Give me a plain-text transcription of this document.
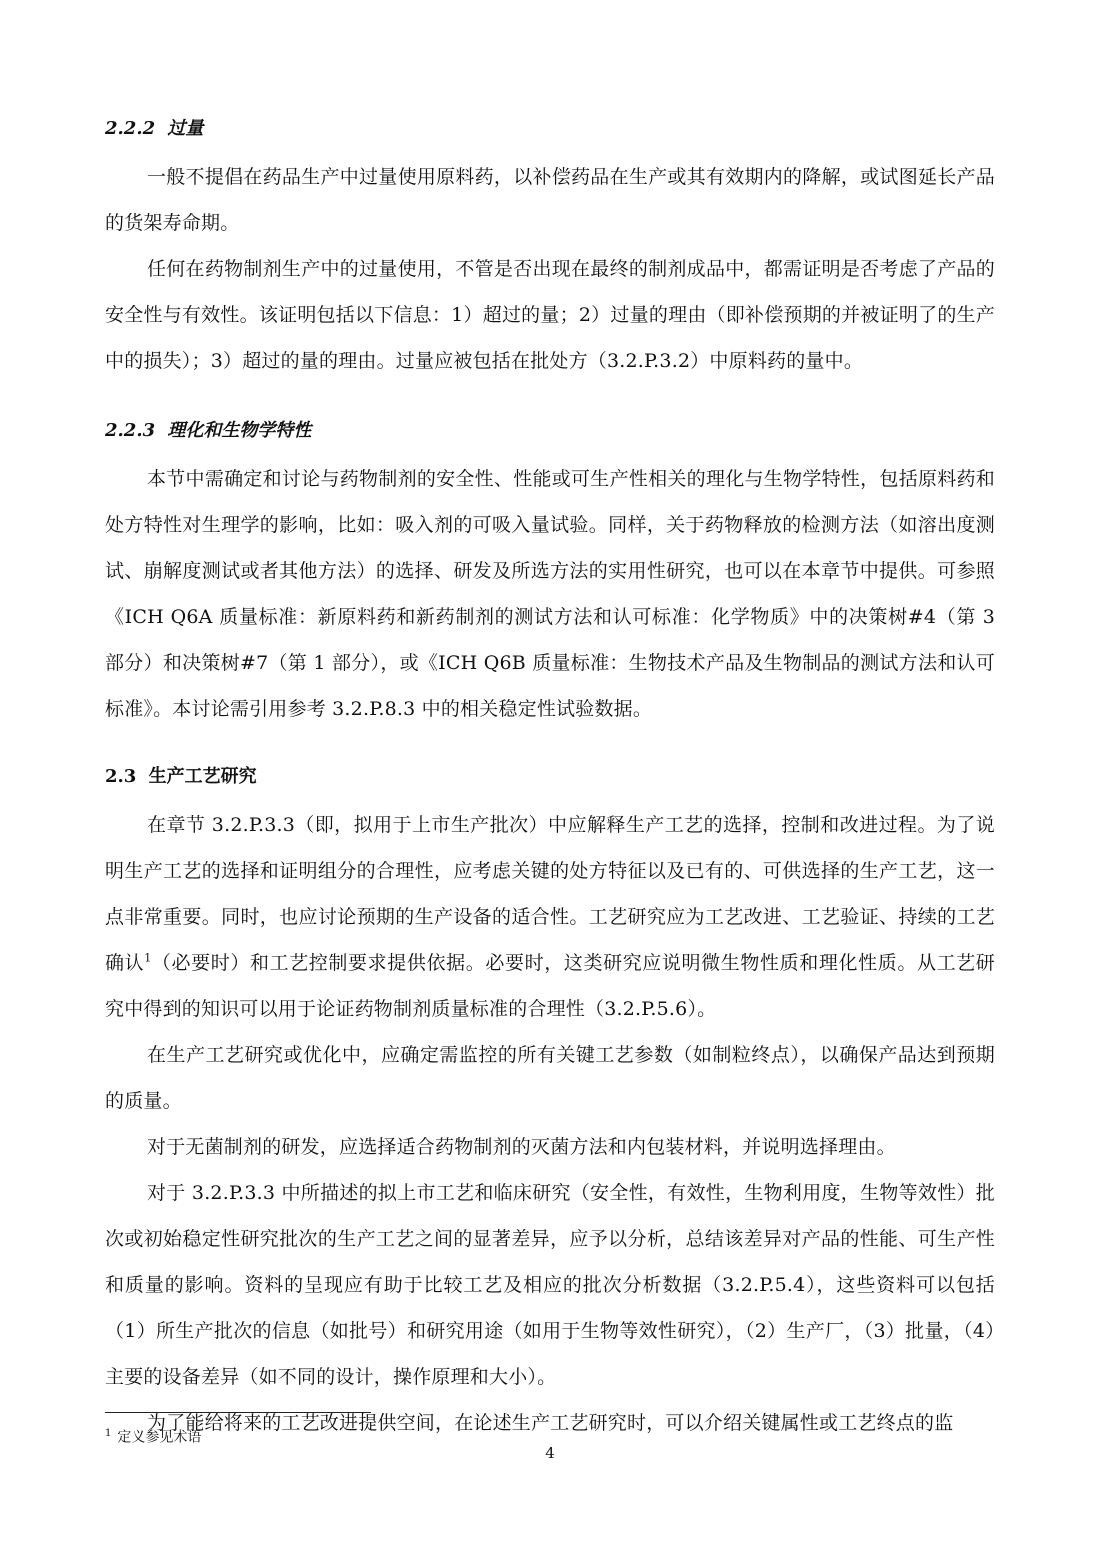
2.2.2 过量

一般不提倡在药品生产中过量使用原料药，以补偿药品在生产或其有效期内的降解，或试图延长产品的货架寿命期。

任何在药物制剂生产中的过量使用，不管是否出现在最终的制剂成品中，都需证明是否考虑了产品的安全性与有效性。该证明包括以下信息：1）超过的量；2）过量的理由（即补偿预期的并被证明了的生产中的损失）；3）超过的量的理由。过量应被包括在批处方（3.2.P.3.2）中原料药的量中。

2.2.3 理化和生物学特性

本节中需确定和讨论与药物制剂的安全性、性能或可生产性相关的理化与生物学特性，包括原料药和处方特性对生理学的影响，比如：吸入剂的可吸入量试验。同样，关于药物释放的检测方法（如溶出度测试、崩解度测试或者其他方法）的选择、研发及所选方法的实用性研究，也可以在本章节中提供。可参照《ICH Q6A 质量标准：新原料药和新药制剂的测试方法和认可标准：化学物质》中的决策树#4（第 3 部分）和决策树#7（第 1 部分），或《ICH Q6B 质量标准：生物技术产品及生物制品的测试方法和认可标准》。本讨论需引用参考 3.2.P.8.3 中的相关稳定性试验数据。

2.3 生产工艺研究

在章节 3.2.P.3.3（即，拟用于上市生产批次）中应解释生产工艺的选择，控制和改进过程。为了说明生产工艺的选择和证明组分的合理性，应考虑关键的处方特征以及已有的、可供选择的生产工艺，这一点非常重要。同时，也应讨论预期的生产设备的适合性。工艺研究应为工艺改进、工艺验证、持续的工艺确认$^1$（必要时）和工艺控制要求提供依据。必要时，这类研究应说明微生物性质和理化性质。从工艺研究中得到的知识可以用于论证药物制剂质量标准的合理性（3.2.P.5.6）。

在生产工艺研究或优化中，应确定需监控的所有关键工艺参数（如制粒终点），以确保产品达到预期的质量。

对于无菌制剂的研发，应选择适合药物制剂的灭菌方法和内包装材料，并说明选择理由。

对于 3.2.P.3.3 中所描述的拟上市工艺和临床研究（安全性，有效性，生物利用度，生物等效性）批次或初始稳定性研究批次的生产工艺之间的显著差异，应予以分析，总结该差异对产品的性能、可生产性和质量的影响。资料的呈现应有助于比较工艺及相应的批次分析数据（3.2.P.5.4），这些资料可以包括（1）所生产批次的信息（如批号）和研究用途（如用于生物等效性研究），（2）生产厂，（3）批量，（4）主要的设备差异（如不同的设计，操作原理和大小）。

为了能给将来的工艺改进提供空间，在论述生产工艺研究时，可以介绍关键属性或工艺终点的监

$^1$ 定义参见术语
4
